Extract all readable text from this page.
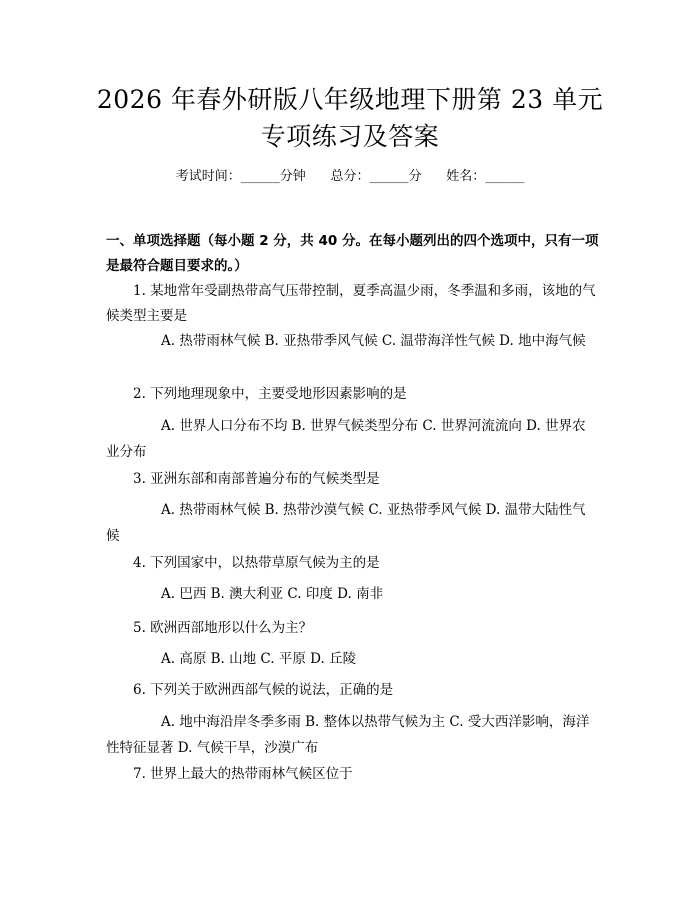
2026 年春外研版八年级地理下册第 23 单元
专项练习及答案
考试时间：______分钟      总分：______分      姓名：______
一、单项选择题（每小题 2 分，共 40 分。在每小题列出的四个选项中，只有一项是最符合题目要求的。）
1. 某地常年受副热带高气压带控制，夏季高温少雨，冬季温和多雨，该地的气候类型主要是
A. 热带雨林气候 B. 亚热带季风气候 C. 温带海洋性气候 D. 地中海气候
2. 下列地理现象中，主要受地形因素影响的是
A. 世界人口分布不均 B. 世界气候类型分布 C. 世界河流流向 D. 世界农业分布
3. 亚洲东部和南部普遍分布的气候类型是
A. 热带雨林气候 B. 热带沙漠气候 C. 亚热带季风气候 D. 温带大陆性气候
4. 下列国家中，以热带草原气候为主的是
A. 巴西 B. 澳大利亚 C. 印度 D. 南非
5. 欧洲西部地形以什么为主？
A. 高原 B. 山地 C. 平原 D. 丘陵
6. 下列关于欧洲西部气候的说法，正确的是
A. 地中海沿岸冬季多雨 B. 整体以热带气候为主 C. 受大西洋影响，海洋性特征显著 D. 气候干旱，沙漠广布
7. 世界上最大的热带雨林气候区位于
